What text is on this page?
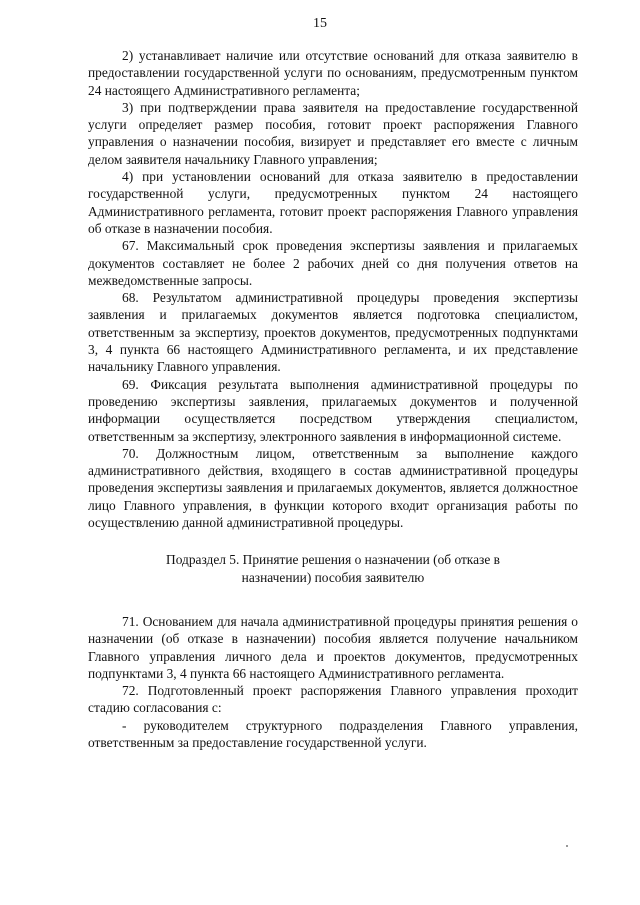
15

2) устанавливает наличие или отсутствие оснований для отказа заявителю в предоставлении государственной услуги по основаниям, предусмотренным пунктом 24 настоящего Административного регламента;

3) при подтверждении права заявителя на предоставление государственной услуги определяет размер пособия, готовит проект распоряжения Главного управления о назначении пособия, визирует и представляет его вместе с личным делом заявителя начальнику Главного управления;

4) при установлении оснований для отказа заявителю в предоставлении государственной услуги, предусмотренных пунктом 24 настоящего Административного регламента, готовит проект распоряжения Главного управления об отказе в назначении пособия.

67. Максимальный срок проведения экспертизы заявления и прилагаемых документов составляет не более 2 рабочих дней со дня получения ответов на межведомственные запросы.

68. Результатом административной процедуры проведения экспертизы заявления и прилагаемых документов является подготовка специалистом, ответственным за экспертизу, проектов документов, предусмотренных подпунктами 3, 4 пункта 66 настоящего Административного регламента, и их представление начальнику Главного управления.

69. Фиксация результата выполнения административной процедуры по проведению экспертизы заявления, прилагаемых документов и полученной информации осуществляется посредством утверждения специалистом, ответственным за экспертизу, электронного заявления в информационной системе.

70. Должностным лицом, ответственным за выполнение каждого административного действия, входящего в состав административной процедуры проведения экспертизы заявления и прилагаемых документов, является должностное лицо Главного управления, в функции которого входит организация работы по осуществлению данной административной процедуры.

Подраздел 5. Принятие решения о назначении (об отказе в
назначении) пособия заявителю

71. Основанием для начала административной процедуры принятия решения о назначении (об отказе в назначении) пособия является получение начальником Главного управления личного дела и проектов документов, предусмотренных подпунктами 3, 4 пункта 66 настоящего Административного регламента.

72. Подготовленный проект распоряжения Главного управления проходит стадию согласования с:

- руководителем структурного подразделения Главного управления, ответственным за предоставление государственной услуги.
